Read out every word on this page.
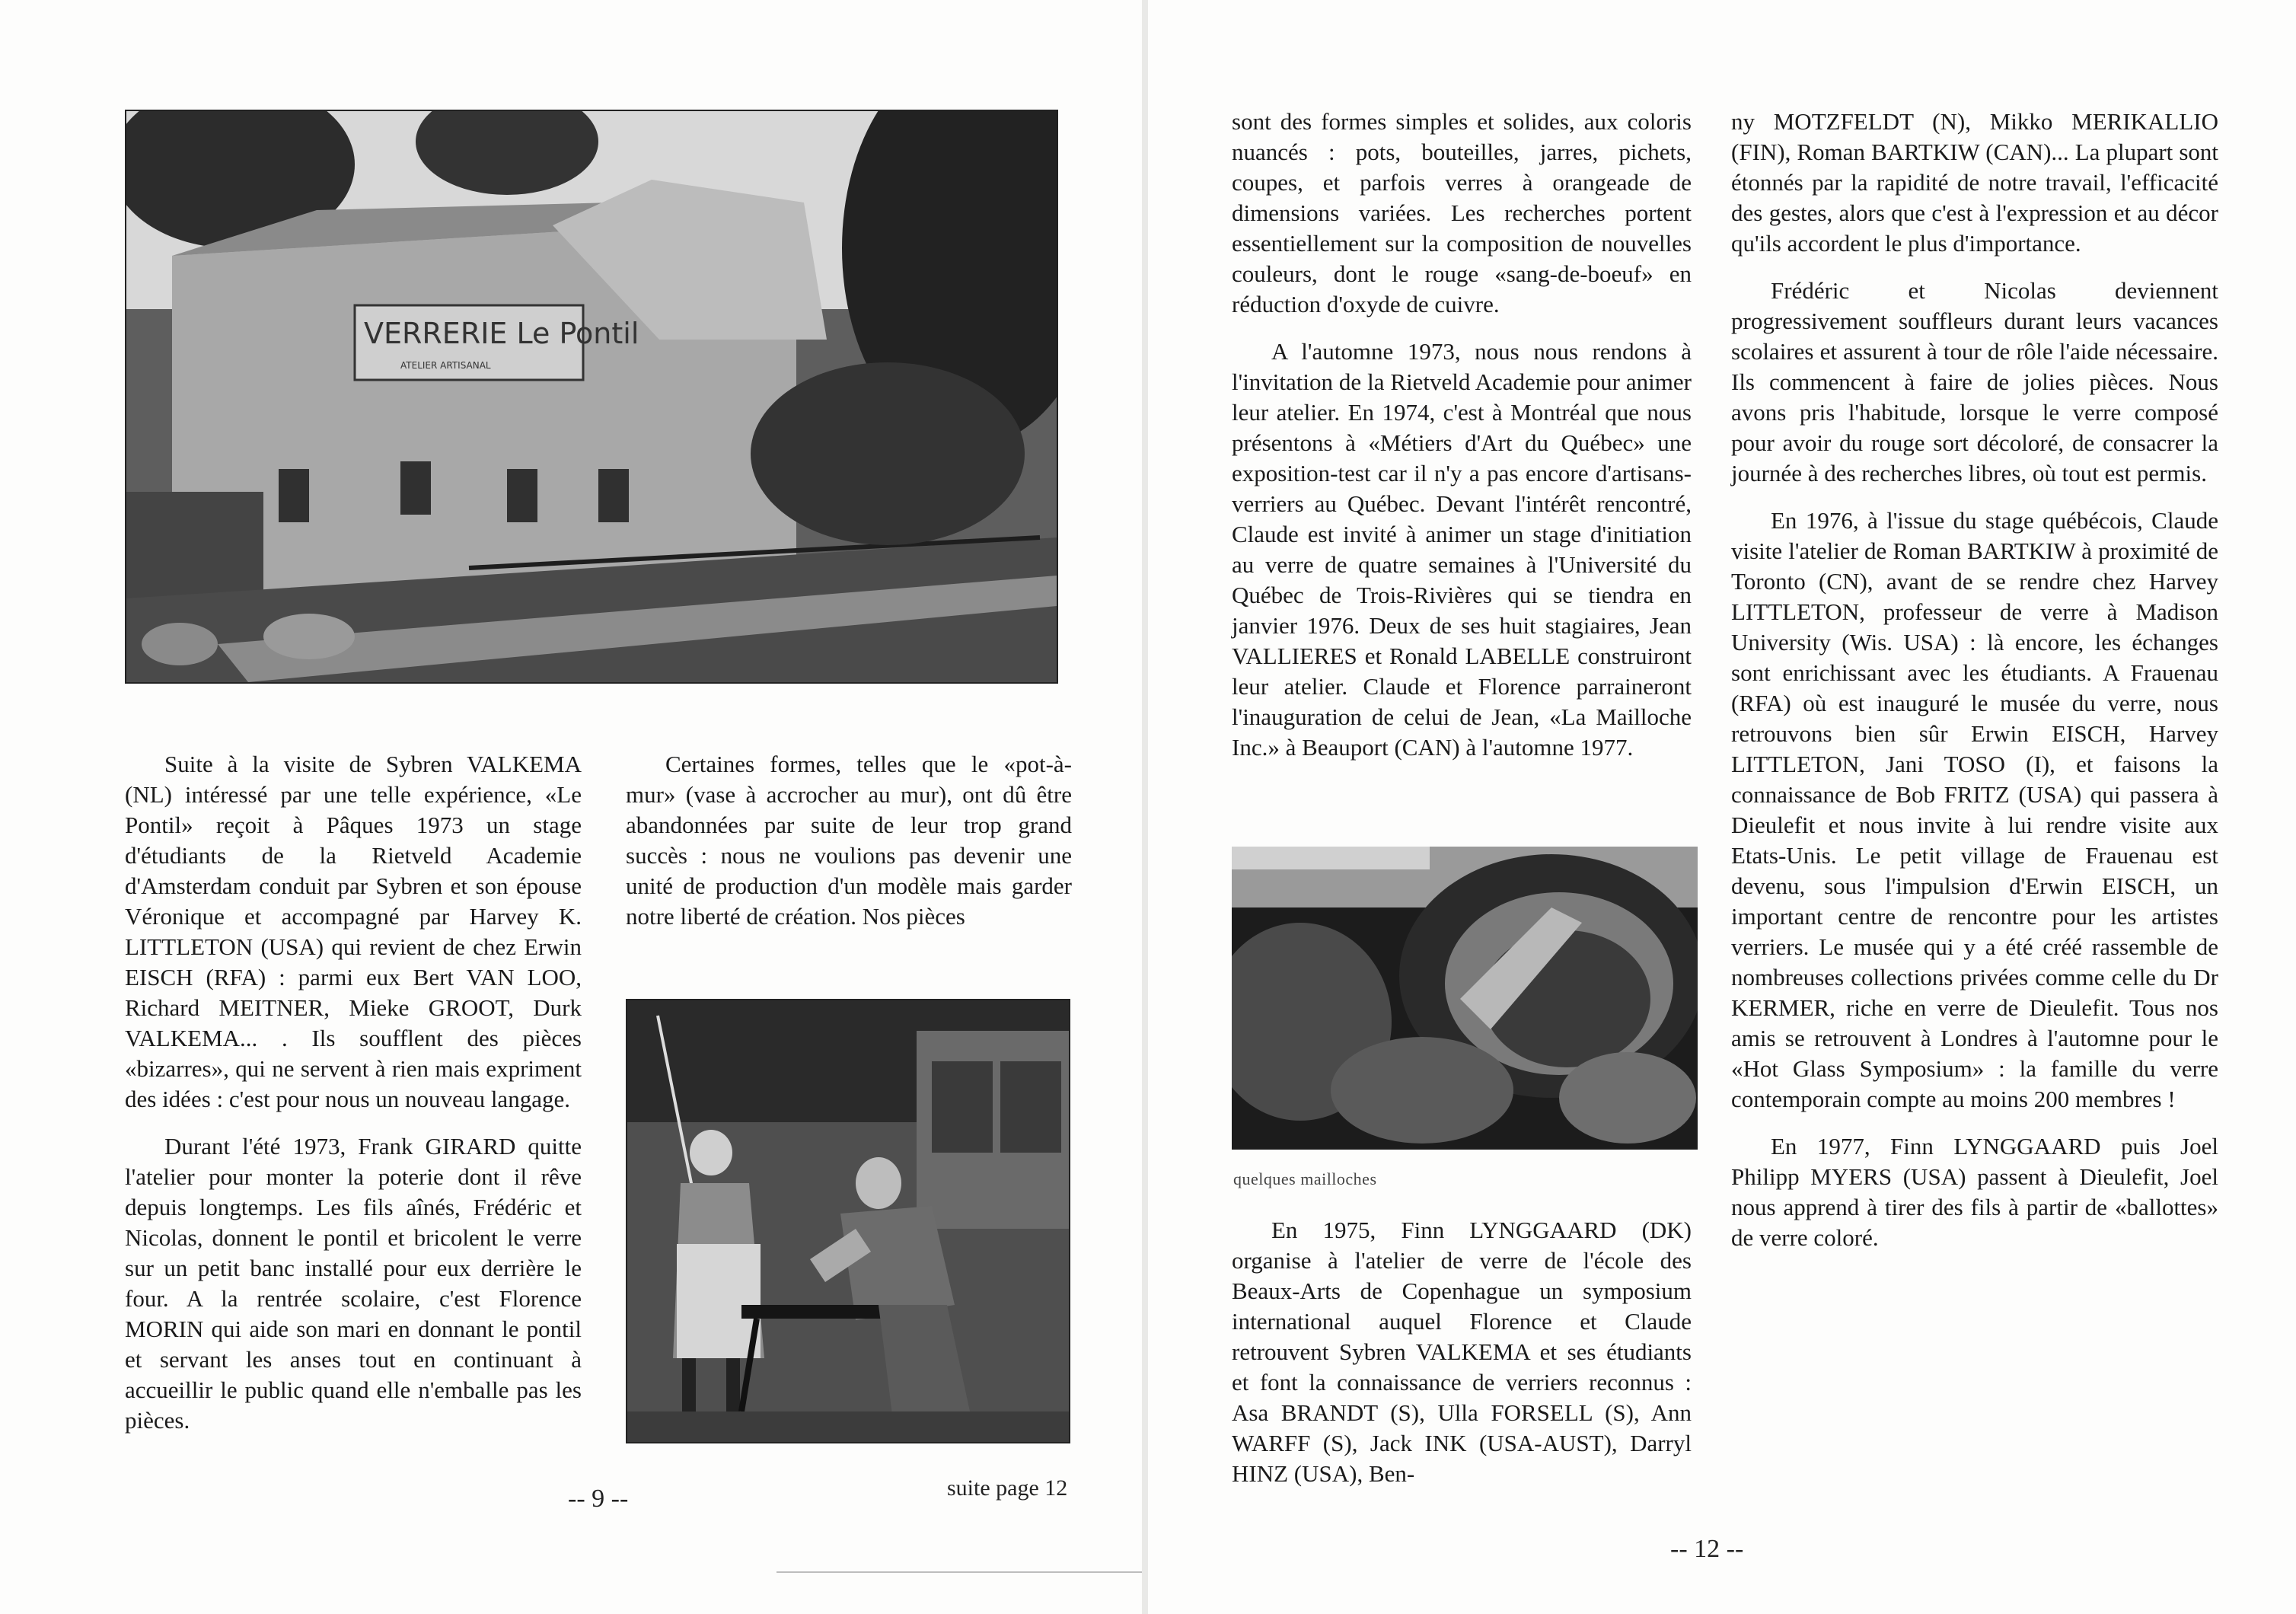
VERRERIE Le Pontil
ATELIER ARTISANAL

Suite à la visite de Sybren VALKEMA (NL) intéressé par une telle expérience, «Le Pontil» reçoit à Pâques 1973 un stage d'étudiants de la Rietveld Academie d'Amsterdam conduit par Sybren et son épouse Véronique et accompagné par Harvey K. LITTLETON (USA) qui revient de chez Erwin EISCH (RFA) : parmi eux Bert VAN LOO, Richard MEITNER, Mieke GROOT, Durk VALKEMA... . Ils soufflent des pièces «bizarres», qui ne servent à rien mais expriment des idées : c'est pour nous un nouveau langage.

Durant l'été 1973, Frank GIRARD quitte l'atelier pour monter la poterie dont il rêve depuis longtemps. Les fils aînés, Frédéric et Nicolas, donnent le pontil et bricolent le verre sur un petit banc installé pour eux derrière le four. A la rentrée scolaire, c'est Florence MORIN qui aide son mari en donnant le pontil et servant les anses tout en continuant à accueillir le public quand elle n'emballe pas les pièces.

Certaines formes, telles que le «pot-à-mur» (vase à accrocher au mur), ont dû être abandonnées par suite de leur trop grand succès : nous ne voulions pas devenir une unité de production d'un modèle mais garder notre liberté de création. Nos pièces

-- 9 --	suite page 12

sont des formes simples et solides, aux coloris nuancés : pots, bouteilles, jarres, pichets, coupes, et parfois verres à orangeade de dimensions variées. Les recherches portent essentiellement sur la composition de nouvelles couleurs, dont le rouge «sang-de-boeuf» en réduction d'oxyde de cuivre.

A l'automne 1973, nous nous rendons à l'invitation de la Rietveld Academie pour animer leur atelier. En 1974, c'est à Montréal que nous présentons à «Métiers d'Art du Québec» une exposition-test car il n'y a pas encore d'artisans-verriers au Québec. Devant l'intérêt rencontré, Claude est invité à animer un stage d'initiation au verre de quatre semaines à l'Université du Québec de Trois-Rivières qui se tiendra en janvier 1976. Deux de ses huit stagiaires, Jean VALLIERES et Ronald LABELLE construiront leur atelier. Claude et Florence parraineront l'inauguration de celui de Jean, «La Mailloche Inc.» à Beauport (CAN) à l'automne 1977.

quelques mailloches

En 1975, Finn LYNGGAARD (DK) organise à l'atelier de verre de l'école des Beaux-Arts de Copenhague un symposium international auquel Florence et Claude retrouvent Sybren VALKEMA et ses étudiants et font la connaissance de verriers reconnus : Asa BRANDT (S), Ulla FORSELL (S), Ann WARFF (S), Jack INK (USA-AUST), Darryl HINZ (USA), Ben-

ny MOTZFELDT (N), Mikko MERIKALLIO (FIN), Roman BARTKIW (CAN)... La plupart sont étonnés par la rapidité de notre travail, l'efficacité des gestes, alors que c'est à l'expression et au décor qu'ils accordent le plus d'importance.

Frédéric et Nicolas deviennent progressivement souffleurs durant leurs vacances scolaires et assurent à tour de rôle l'aide nécessaire. Ils commencent à faire de jolies pièces. Nous avons pris l'habitude, lorsque le verre composé pour avoir du rouge sort décoloré, de consacrer la journée à des recherches libres, où tout est permis.

En 1976, à l'issue du stage québécois, Claude visite l'atelier de Roman BARTKIW à proximité de Toronto (CN), avant de se rendre chez Harvey LITTLETON, professeur de verre à Madison University (Wis. USA) : là encore, les échanges sont enrichissant avec les étudiants. A Frauenau (RFA) où est inauguré le musée du verre, nous retrouvons bien sûr Erwin EISCH, Harvey LITTLETON, Jani TOSO (I), et faisons la connaissance de Bob FRITZ (USA) qui passera à Dieulefit et nous invite à lui rendre visite aux Etats-Unis. Le petit village de Frauenau est devenu, sous l'impulsion d'Erwin EISCH, un important centre de rencontre pour les artistes verriers. Le musée qui y a été créé rassemble de nombreuses collections privées comme celle du Dr KERMER, riche en verre de Dieulefit. Tous nos amis se retrouvent à Londres à l'automne pour le «Hot Glass Symposium» : la famille du verre contemporain compte au moins 200 membres !

En 1977, Finn LYNGGAARD puis Joel Philipp MYERS (USA) passent à Dieulefit, Joel nous apprend à tirer des fils à partir de «ballottes» de verre coloré.

-- 12 --
